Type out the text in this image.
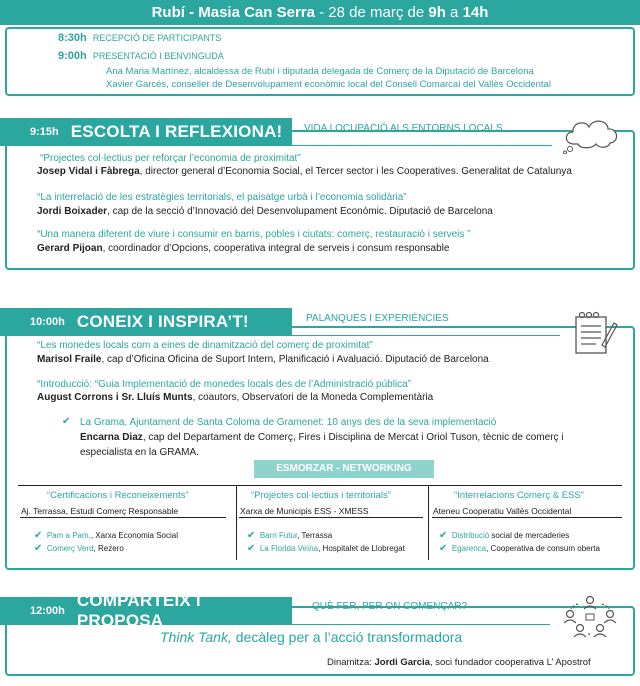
Rubí - Masia Can Serra - 28 de març de 9h a 14h
8:30h RECEPCIÓ DE PARTICIPANTS
9:00h PRESENTACIÓ I BENVINGUDA
Ana Maria Martínez, alcaldessa de Rubí i diputada delegada de Comerç de la Diputació de Barcelona
Xavier Garcés, conseller de Desenvolupament econòmic local del Consell Comarcal del Vallès Occidental
9:15h ESCOLTA I REFLEXIONA! VIDA I OCUPACIÓ ALS ENTORNS LOCALS
“Projectes col·lectius per reforçar l’economia de proximitat”
Josep Vidal i Fàbrega, director general d’Economia Social, el Tercer sector i les Cooperatives. Generalitat de Catalunya
“La interrelació de les estratègies territorials, el paisatge urbà i l’economia solidària”
Jordi Boixader, cap de la secció d’Innovació del Desenvolupament Econòmic. Diputació de Barcelona
“Una manera diferent de viure i consumir en barris, pobles i ciutats: comerç, restauració i serveis ”
Gerard Pijoan, coordinador d’Opcions, cooperativa integral de serveis i consum responsable
10:00h CONEIX I INSPIRA’T!	PALANQUES I EXPERIÈNCIES
“Les monedes locals com a eines de dinamització del comerç de proximitat”
Marisol Fraile, cap d’Oficina Oficina de Suport Intern, Planificació i Avaluació. Diputació de Barcelona
“Introducció: “Guia Implementació de monedes locals des de l’Administració pública”
August Corrons i Sr. Lluís Munts, coautors, Observatori de la Moneda Complementària
✔ La Grama, Ajuntament de Santa Coloma de Gramenet: 10 anys des de la seva implementació
Encarna Diaz, cap del Departament de Comerç, Fires i Disciplina de Mercat i Oriol Tuson, tècnic de comerç i
especialista en la GRAMA.
ESMORZAR - NETWORKING
“Certificacions i Reconeixements”
Aj. Terrassa, Estudi Comerç Responsable
✔ Pam a Pam,, Xarxa Economia Social
✔ Comerç Verd, Rezero
“Projectes col·lectius i territorials”
Xarxa de Municipis ESS - XMESS
✔ Barri Futur, Terrassa
✔ La Florida Veïna, Hospitalet de Llobregat
“Interrelacions Comerç & ESS”
Ateneu Cooperatiu Vallès Occidental
✔ Distribució social de mercaderies
✔ Egarenca, Cooperativa de consum oberta
12:00h
COMPARTEIX I PROPOSA
QUÈ FER, PER ON COMENÇAR?
Think Tank, decàleg per a l’acció transformadora
Dinamitza: Jordi Garcia, soci fundador cooperativa L’ Apostrof
